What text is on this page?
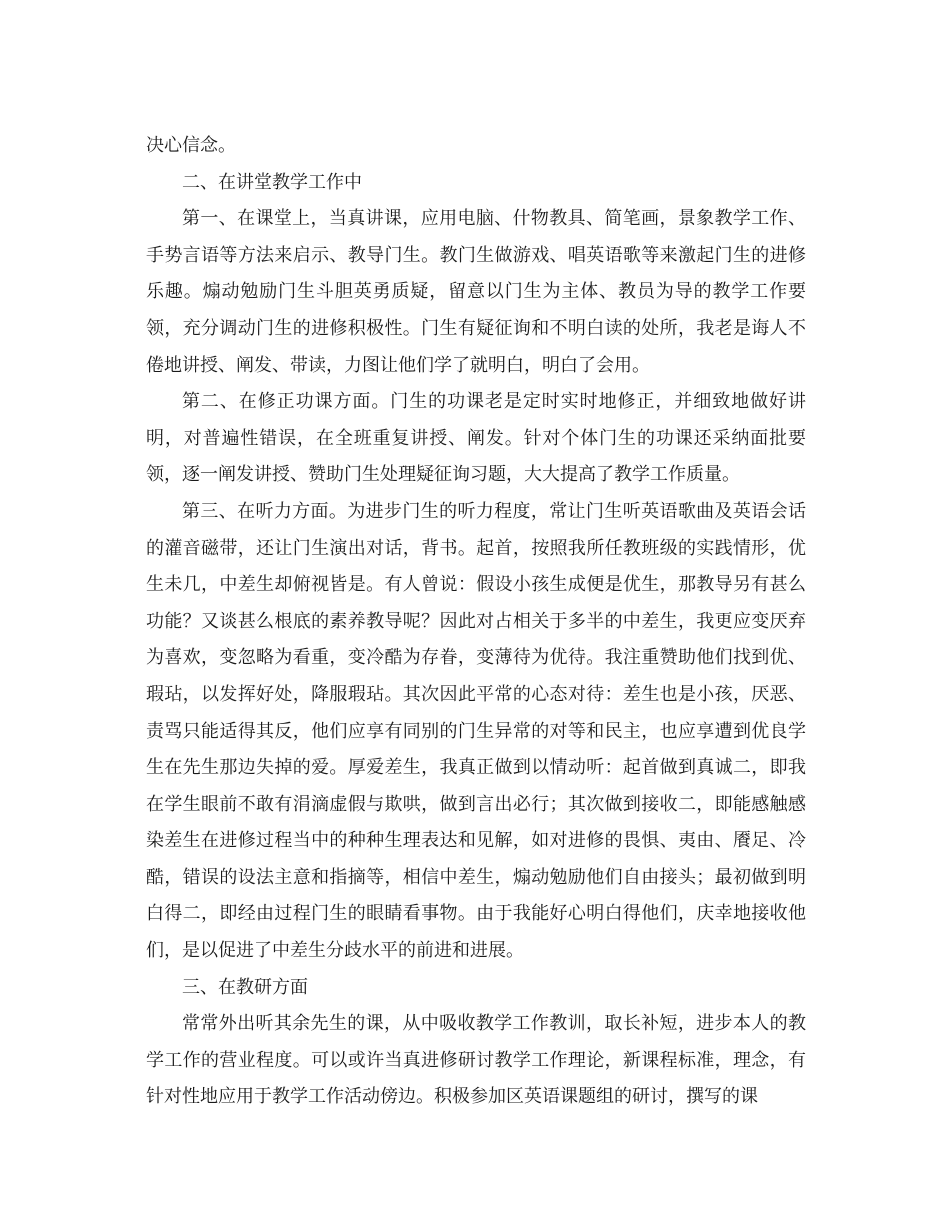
决心信念。

二、在讲堂教学工作中

第一、在课堂上，当真讲课，应用电脑、什物教具、简笔画，景象教学工作、手势言语等方法来启示、教导门生。教门生做游戏、唱英语歌等来激起门生的进修乐趣。煽动勉励门生斗胆英勇质疑，留意以门生为主体、教员为导的教学工作要领，充分调动门生的进修积极性。门生有疑征询和不明白读的处所，我老是诲人不倦地讲授、阐发、带读，力图让他们学了就明白，明白了会用。

第二、在修正功课方面。门生的功课老是定时实时地修正，并细致地做好讲明，对普遍性错误，在全班重复讲授、阐发。针对个体门生的功课还采纳面批要领，逐一阐发讲授、赞助门生处理疑征询习题，大大提高了教学工作质量。

第三、在听力方面。为进步门生的听力程度，常让门生听英语歌曲及英语会话的灌音磁带，还让门生演出对话，背书。起首，按照我所任教班级的实践情形，优生未几，中差生却俯视皆是。有人曾说：假设小孩生成便是优生，那教导另有甚么功能？又谈甚么根底的素养教导呢？因此对占相关于多半的中差生，我更应变厌弃为喜欢，变忽略为看重，变冷酷为存眷，变薄待为优待。我注重赞助他们找到优、瑕玷，以发挥好处，降服瑕玷。其次因此平常的心态对待：差生也是小孩，厌恶、责骂只能适得其反，他们应享有同别的门生异常的对等和民主，也应享遭到优良学生在先生那边失掉的爱。厚爱差生，我真正做到以情动听：起首做到真诚二，即我在学生眼前不敢有涓滴虚假与欺哄，做到言出必行；其次做到接收二，即能感触感染差生在进修过程当中的种种生理表达和见解，如对进修的畏惧、夷由、餍足、冷酷，错误的设法主意和指摘等，相信中差生，煽动勉励他们自由接头；最初做到明白得二，即经由过程门生的眼睛看事物。由于我能好心明白得他们，庆幸地接收他们，是以促进了中差生分歧水平的前进和进展。

三、在教研方面

常常外出听其余先生的课，从中吸收教学工作教训，取长补短，进步本人的教学工作的营业程度。可以或许当真进修研讨教学工作理论，新课程标准，理念，有针对性地应用于教学工作活动傍边。积极参加区英语课题组的研讨，撰写的课
